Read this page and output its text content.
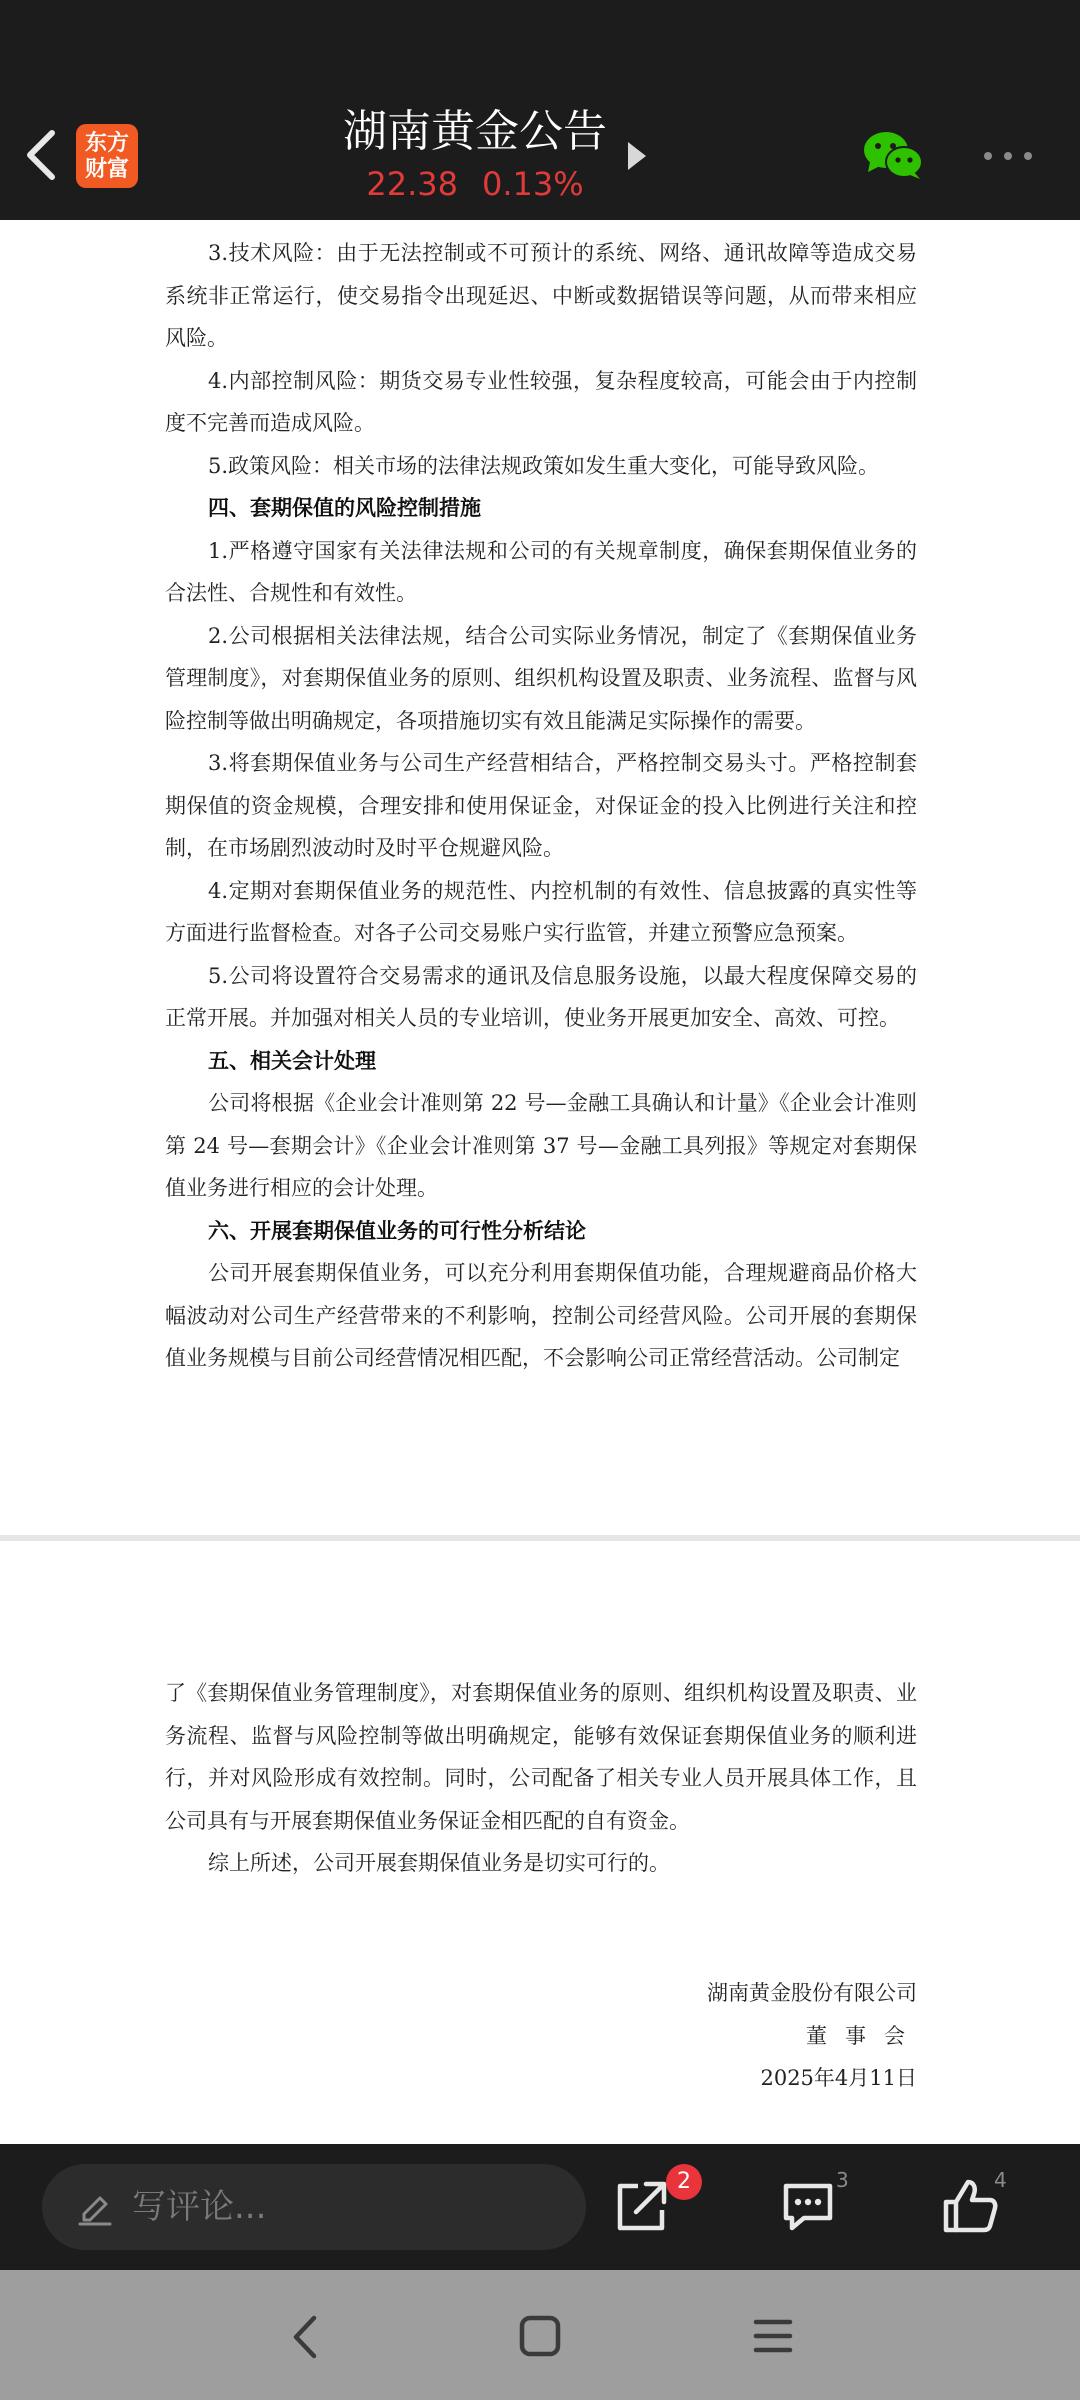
东方
财富
湖南黄金公告
22.38 0.13%

3.技术风险：由于无法控制或不可预计的系统、网络、通讯故障等造成交易系统非正常运行，使交易指令出现延迟、中断或数据错误等问题，从而带来相应风险。

4.内部控制风险：期货交易专业性较强，复杂程度较高，可能会由于内控制度不完善而造成风险。

5.政策风险：相关市场的法律法规政策如发生重大变化，可能导致风险。

四、套期保值的风险控制措施

1.严格遵守国家有关法律法规和公司的有关规章制度，确保套期保值业务的合法性、合规性和有效性。

2.公司根据相关法律法规，结合公司实际业务情况，制定了《套期保值业务管理制度》，对套期保值业务的原则、组织机构设置及职责、业务流程、监督与风险控制等做出明确规定，各项措施切实有效且能满足实际操作的需要。

3.将套期保值业务与公司生产经营相结合，严格控制交易头寸。严格控制套期保值的资金规模，合理安排和使用保证金，对保证金的投入比例进行关注和控制，在市场剧烈波动时及时平仓规避风险。

4.定期对套期保值业务的规范性、内控机制的有效性、信息披露的真实性等方面进行监督检查。对各子公司交易账户实行监管，并建立预警应急预案。

5.公司将设置符合交易需求的通讯及信息服务设施，以最大程度保障交易的正常开展。并加强对相关人员的专业培训，使业务开展更加安全、高效、可控。

五、相关会计处理

公司将根据《企业会计准则第 22 号—金融工具确认和计量》《企业会计准则第 24 号—套期会计》《企业会计准则第 37 号—金融工具列报》等规定对套期保值业务进行相应的会计处理。

六、开展套期保值业务的可行性分析结论

公司开展套期保值业务，可以充分利用套期保值功能，合理规避商品价格大幅波动对公司生产经营带来的不利影响，控制公司经营风险。公司开展的套期保值业务规模与目前公司经营情况相匹配，不会影响公司正常经营活动。公司制定

了《套期保值业务管理制度》，对套期保值业务的原则、组织机构设置及职责、业务流程、监督与风险控制等做出明确规定，能够有效保证套期保值业务的顺利进行，并对风险形成有效控制。同时，公司配备了相关专业人员开展具体工作，且公司具有与开展套期保值业务保证金相匹配的自有资金。

综上所述，公司开展套期保值业务是切实可行的。

湖南黄金股份有限公司
董事会
2025年4月11日
写评论...
2	3	4
